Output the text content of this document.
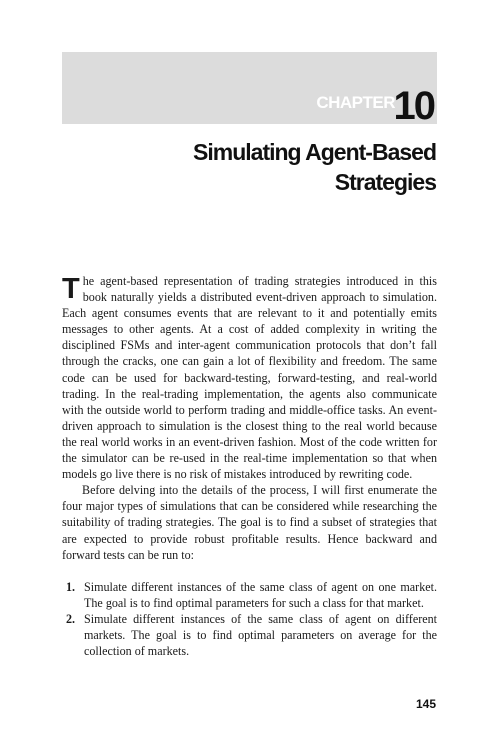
CHAPTER
10
Simulating Agent-Based
Strategies

The agent-based representation of trading strategies introduced in this book naturally yields a distributed event-driven approach to simulation. Each agent consumes events that are relevant to it and potentially emits messages to other agents. At a cost of added complexity in writing the disciplined FSMs and inter-agent communication protocols that don’t fall through the cracks, one can gain a lot of flexibility and freedom. The same code can be used for backward-testing, forward-testing, and real-world trading. In the real-trading implementation, the agents also communicate with the outside world to perform trading and middle-office tasks. An event-driven approach to simulation is the closest thing to the real world because the real world works in an event-driven fashion. Most of the code written for the simulator can be re-used in the real-time implementation so that when models go live there is no risk of mistakes introduced by rewriting code.

Before delving into the details of the process, I will first enumerate the four major types of simulations that can be considered while researching the suitability of trading strategies. The goal is to find a subset of strategies that are expected to provide robust profitable results. Hence backward and forward tests can be run to:

1. Simulate different instances of the same class of agent on one market. The goal is to find optimal parameters for such a class for that market.
2. Simulate different instances of the same class of agent on different markets. The goal is to find optimal parameters on average for the collection of markets.
145
